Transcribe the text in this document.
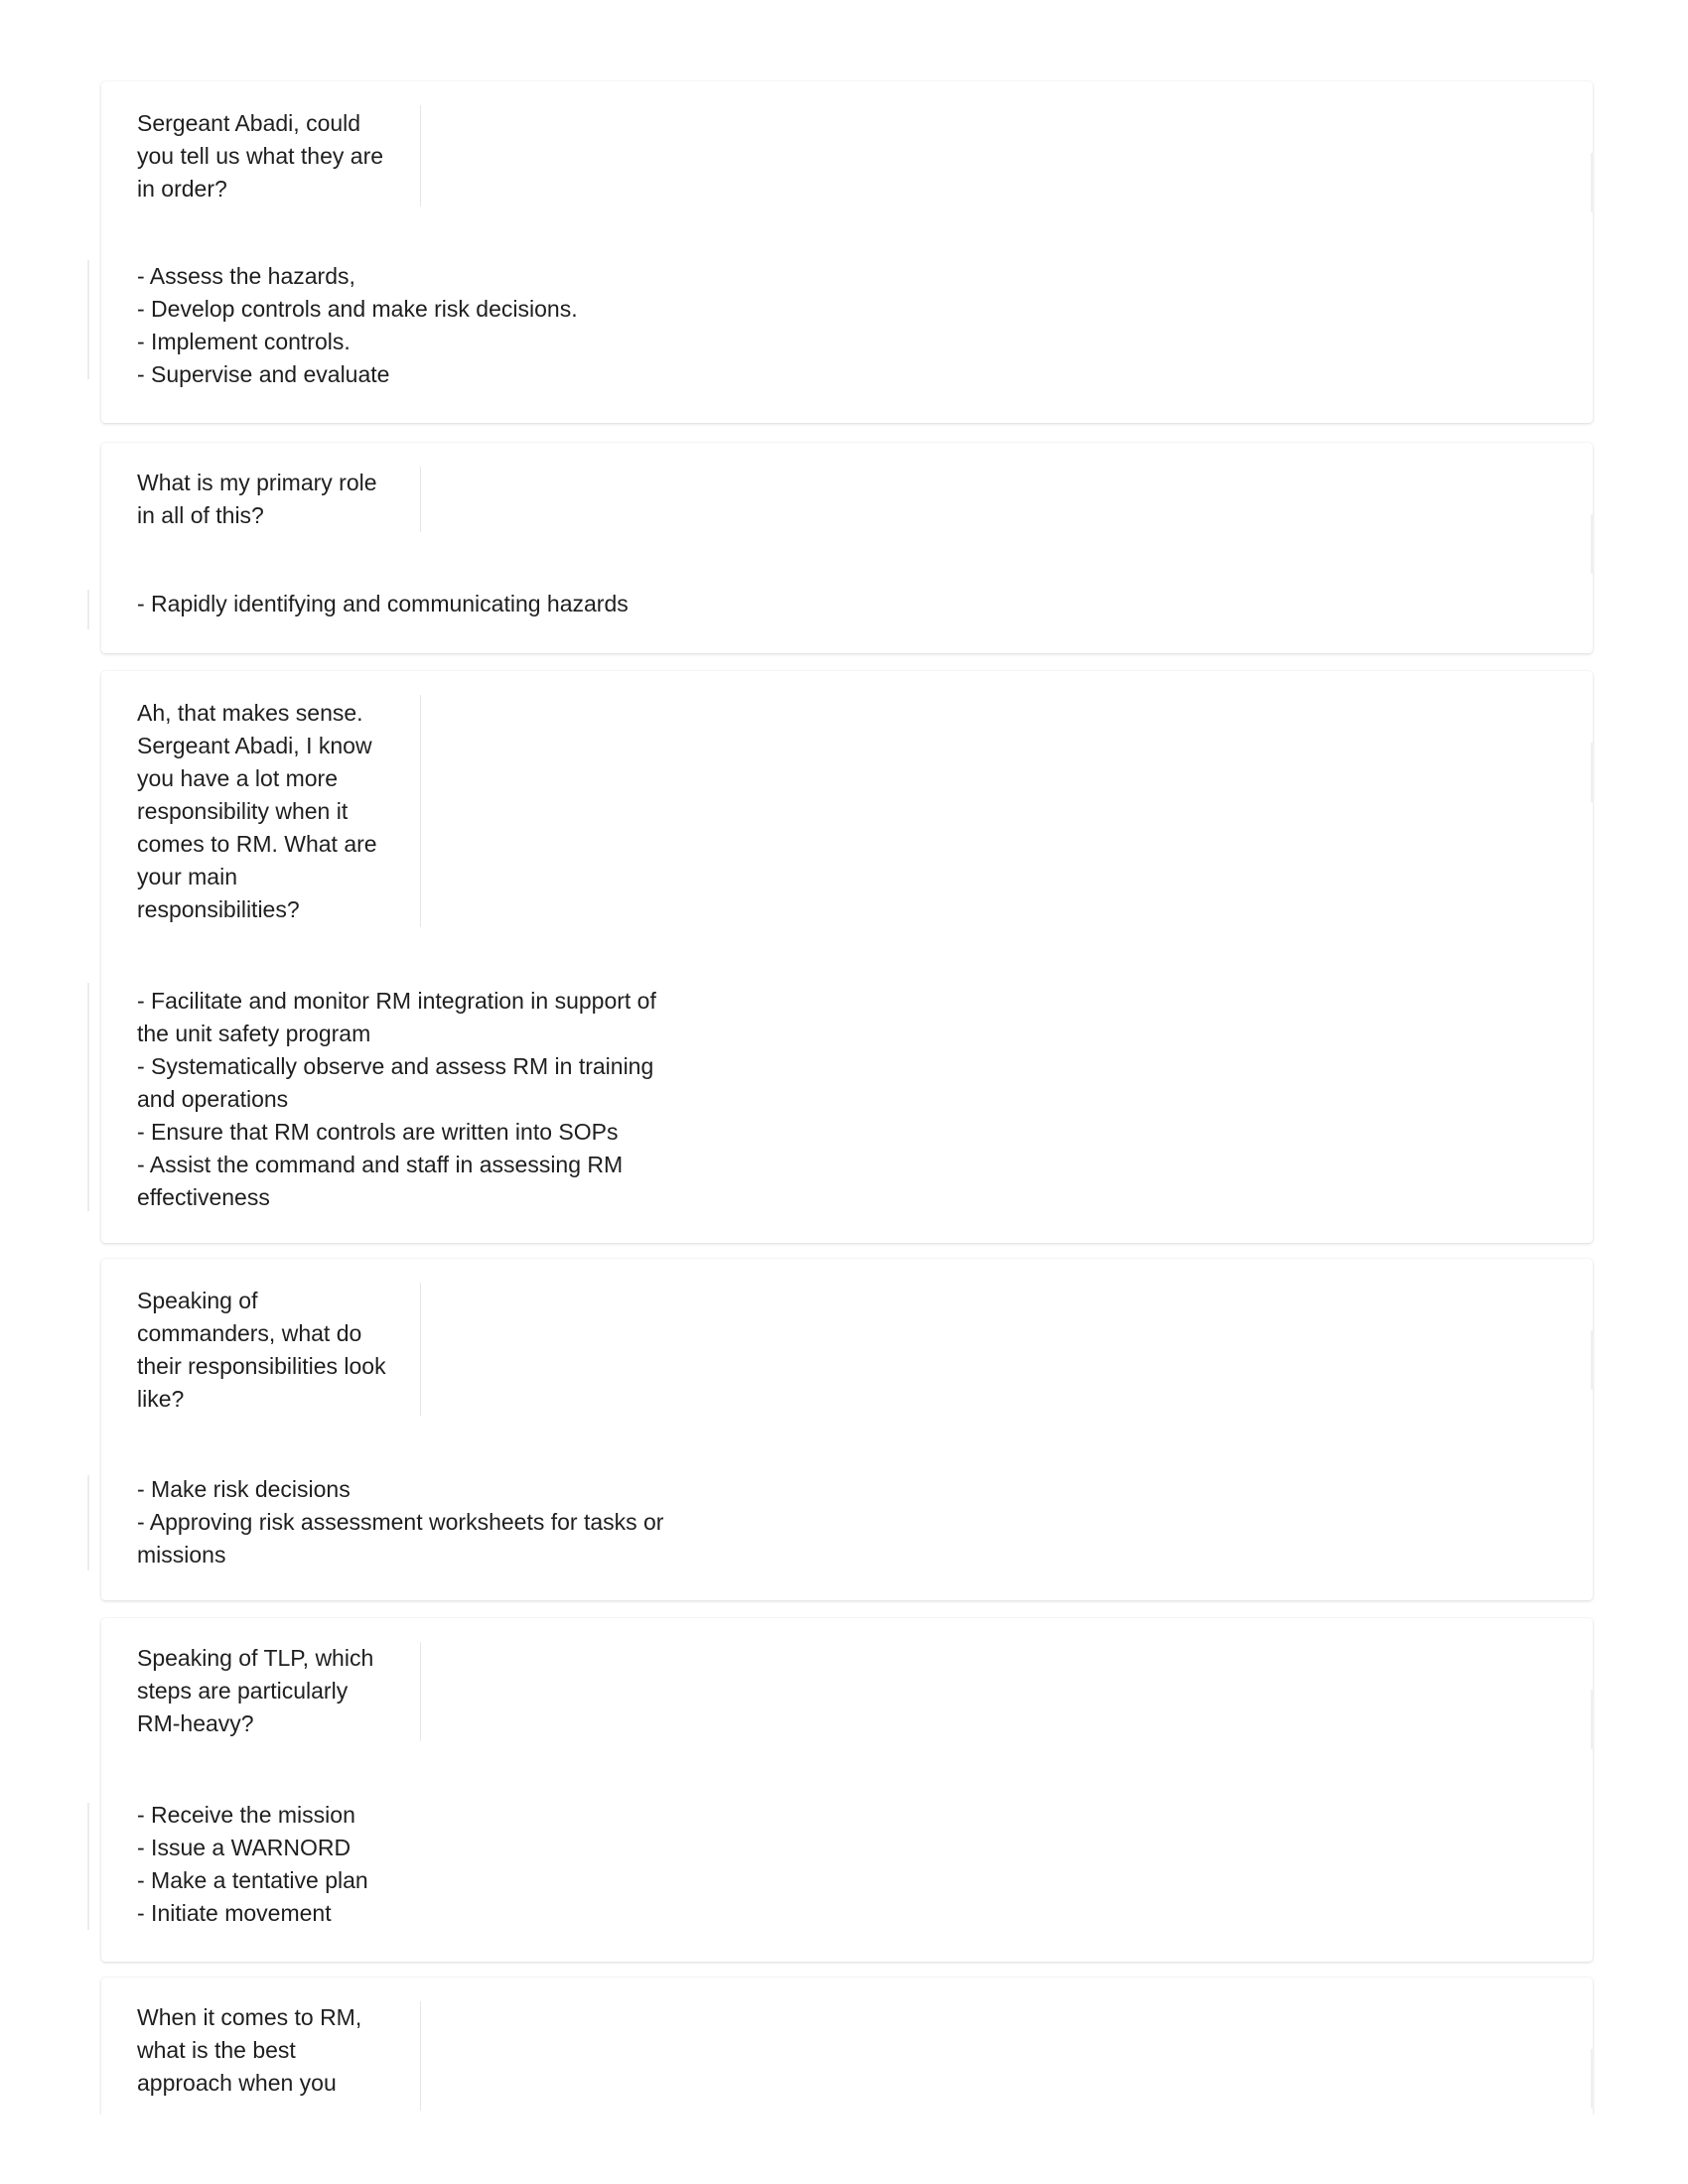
Sergeant Abadi, could you tell us what they are in order?
- Assess the hazards,
- Develop controls and make risk decisions.
- Implement controls.
- Supervise and evaluate
What is my primary role in all of this?
- Rapidly identifying and communicating hazards
Ah, that makes sense. Sergeant Abadi, I know you have a lot more responsibility when it comes to RM. What are your main responsibilities?
- Facilitate and monitor RM integration in support of the unit safety program
- Systematically observe and assess RM in training and operations
- Ensure that RM controls are written into SOPs
- Assist the command and staff in assessing RM effectiveness
Speaking of commanders, what do their responsibilities look like?
- Make risk decisions
- Approving risk assessment worksheets for tasks or missions
Speaking of TLP, which steps are particularly RM-heavy?
- Receive the mission
- Issue a WARNORD
- Make a tentative plan
- Initiate movement
When it comes to RM, what is the best approach when you
